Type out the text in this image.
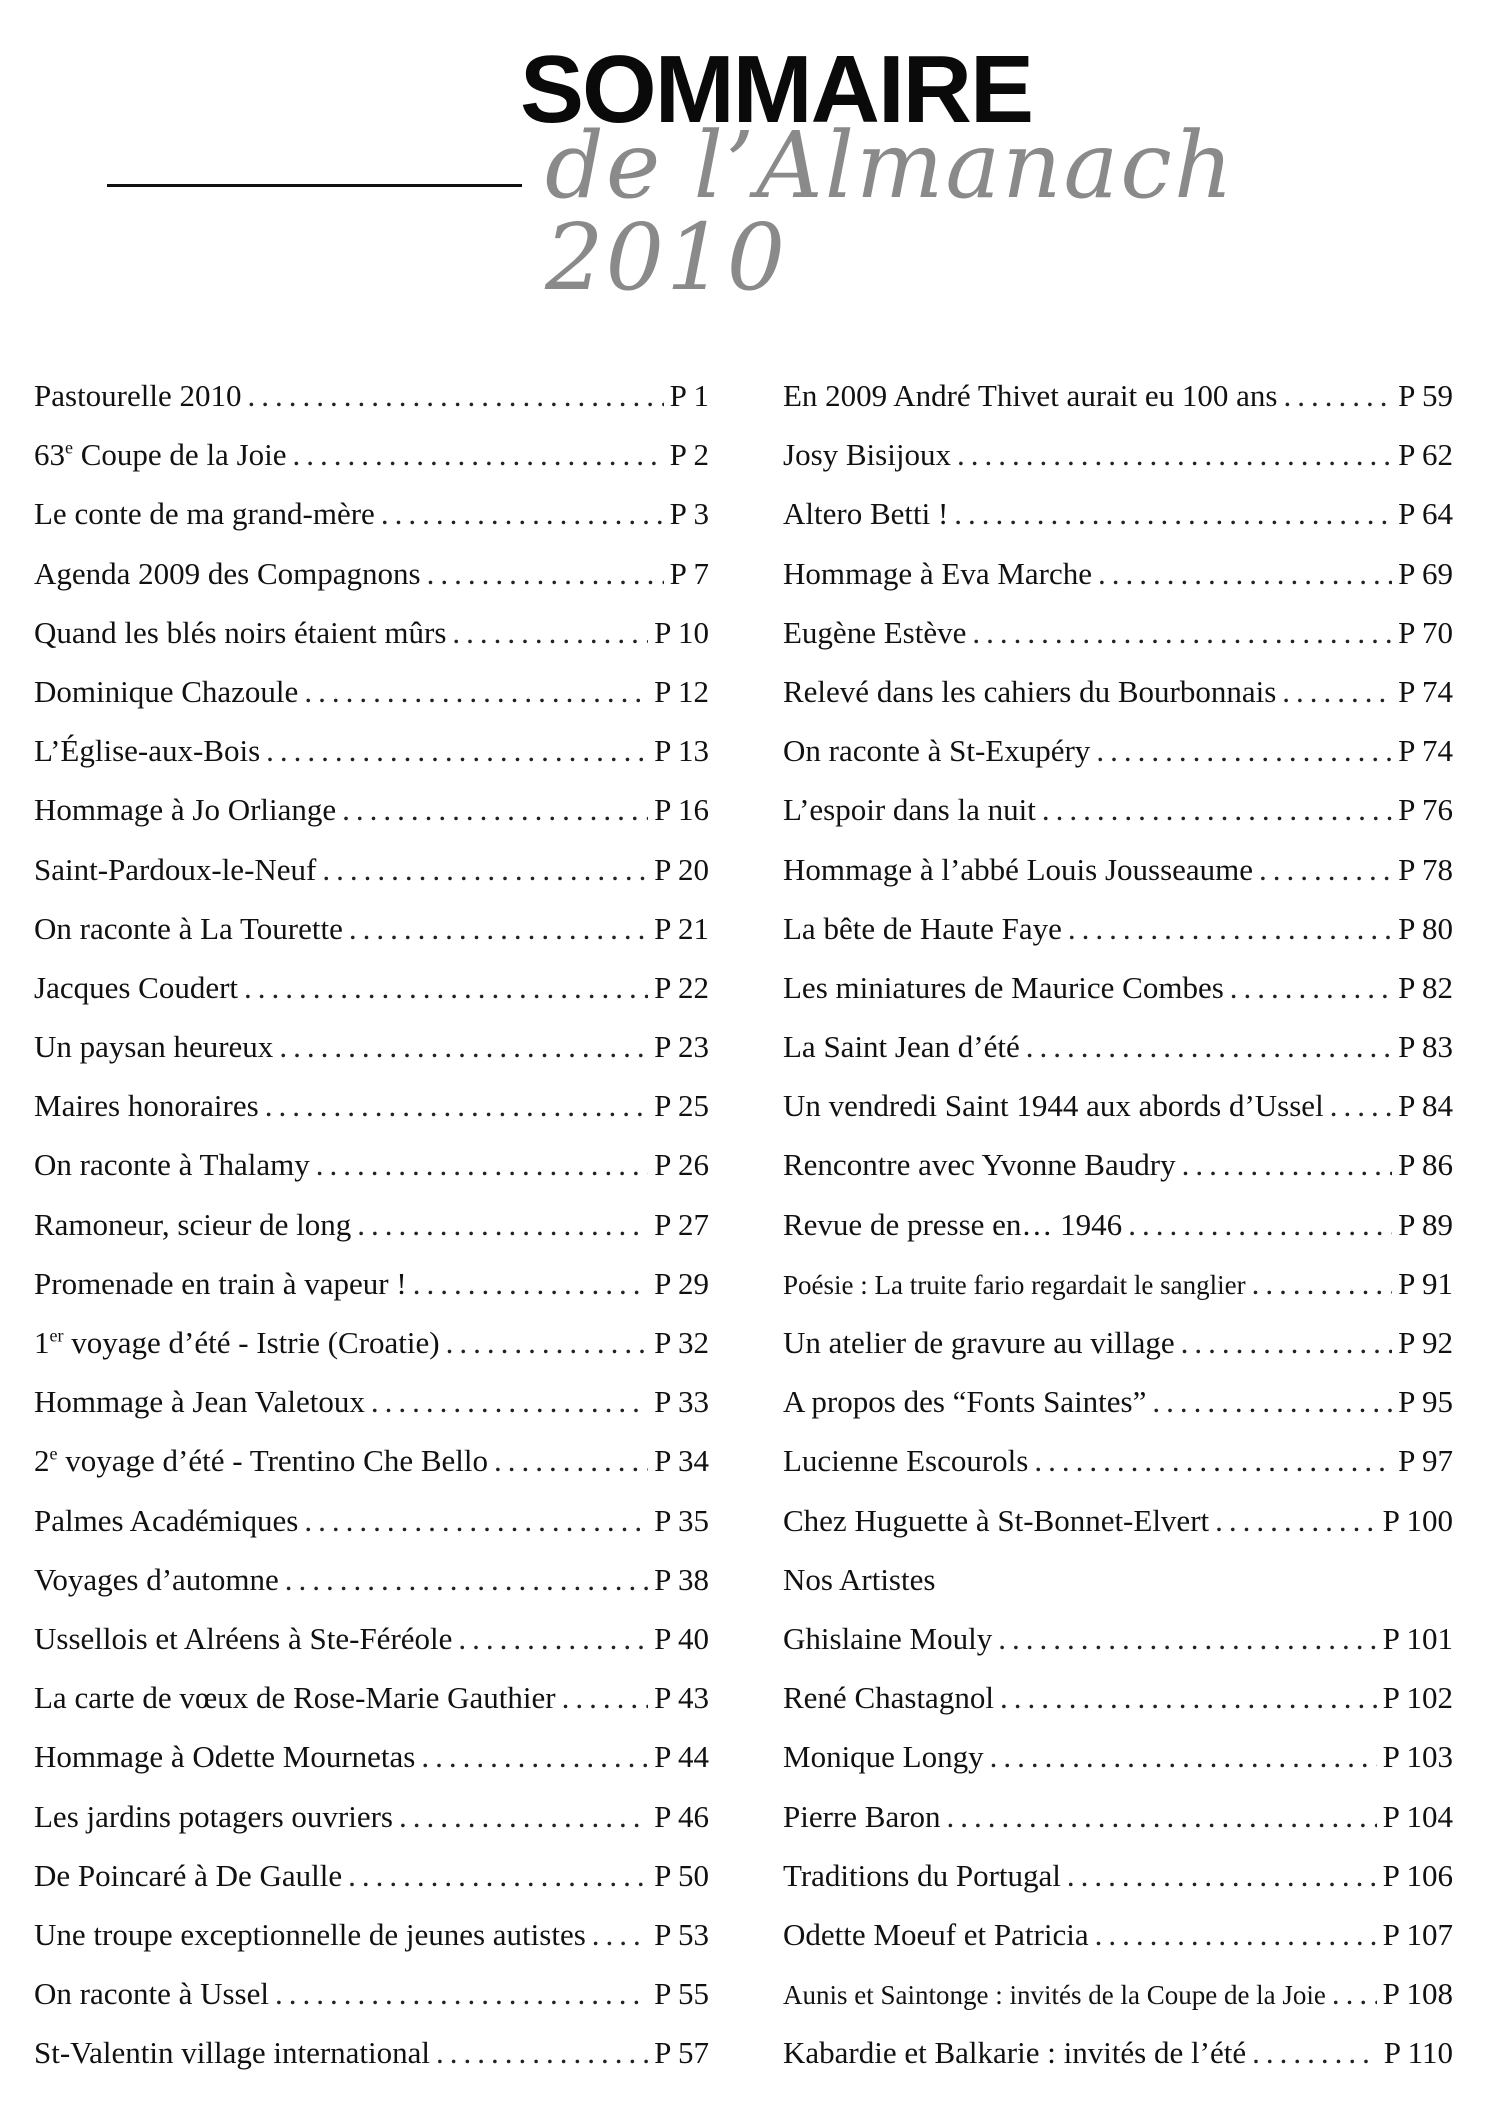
SOMMAIRE
de l’Almanach 2010
Pastourelle 2010 .....	P 1
63e Coupe de la Joie .....	P 2
Le conte de ma grand-mère .....	P 3
Agenda 2009 des Compagnons .....	P 7
Quand les blés noirs étaient mûrs .....	P 10
Dominique Chazoule .....	P 12
L’Église-aux-Bois .....	P 13
Hommage à Jo Orliange .....	P 16
Saint-Pardoux-le-Neuf .....	P 20
On raconte à La Tourette .....	P 21
Jacques Coudert .....	P 22
Un paysan heureux .....	P 23
Maires honoraires .....	P 25
On raconte à Thalamy .....	P 26
Ramoneur, scieur de long .....	P 27
Promenade en train à vapeur ! .....	P 29
1er voyage d’été - Istrie (Croatie) .....	P 32
Hommage à Jean Valetoux .....	P 33
2e voyage d’été - Trentino Che Bello .....	P 34
Palmes Académiques .....	P 35
Voyages d’automne .....	P 38
Ussellois et Alréens à Ste-Féréole .....	P 40
La carte de vœux de Rose-Marie Gauthier .....	P 43
Hommage à Odette Mournetas .....	P 44
Les jardins potagers ouvriers .....	P 46
De Poincaré à De Gaulle .....	P 50
Une troupe exceptionnelle de jeunes autistes ..... P 53
On raconte à Ussel .....	P 55
St-Valentin village international .....	P 57
En 2009 André Thivet aurait eu 100 ans .....	P 59
Josy Bisijoux .....	P 62
Altero Betti ! .....	P 64
Hommage à Eva Marche .....	P 69
Eugène Estève .....	P 70
Relevé dans les cahiers du Bourbonnais .....	P 74
On raconte à St-Exupéry .....	P 74
L’espoir dans la nuit .....	P 76
Hommage à l’abbé Louis Jousseaume .....	P 78
La bête de Haute Faye .....	P 80
Les miniatures de Maurice Combes .....	P 82
La Saint Jean d’été .....	P 83
Un vendredi Saint 1944 aux abords d’Ussel ..... P 84
Rencontre avec Yvonne Baudry .....	P 86
Revue de presse en… 1946 .....	P 89
Poésie : La truite fario regardait le sanglier .....	P 91
Un atelier de gravure au village .....	P 92
A propos des “Fonts Saintes” .....	P 95
Lucienne Escourols .....	P 97
Chez Huguette à St-Bonnet-Elvert .....	P 100
Nos Artistes
Ghislaine Mouly .....	P 101
René Chastagnol .....	P 102
Monique Longy .....	P 103
Pierre Baron .....	P 104
Traditions du Portugal .....	P 106
Odette Moeuf et Patricia .....	P 107
Aunis et Saintonge : invités de la Coupe de la Joie ..... P 108
Kabardie et Balkarie : invités de l’été .....	P 110
